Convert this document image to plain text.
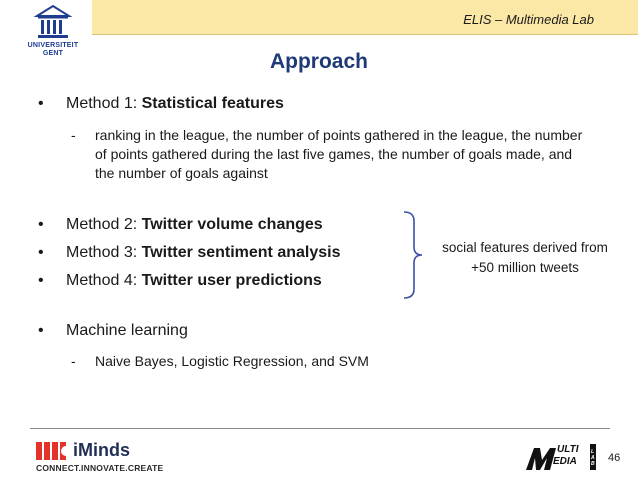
ELIS – Multimedia Lab
UNIVERSITEIT
GENT	Approach
• Method 1: Statistical features
- ranking in the league, the number of points gathered in the league, the number of points gathered during the last five games, the number of goals made, and the number of goals against
• Method 2: Twitter volume changes
• Method 3: Twitter sentiment analysis
• Method 4: Twitter user predictions
social features derived from +50 million tweets
• Machine learning
- Naive Bayes, Logistic Regression, and SVM
iMinds
CONNECT.INNOVATE.CREATE
ULTI
EDIA
LAB 46
